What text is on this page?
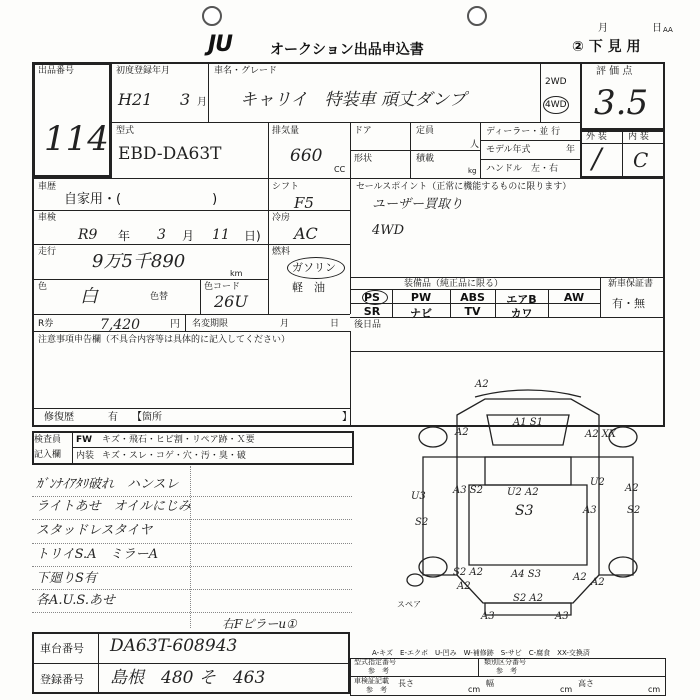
JU	オークション出品申込書
月	日 AA
② 下 見 用
出品番号
114
初度登録年月
H21 3 月
車名・グレード
キャリイ　特装車 頑丈ダンプ
2WD
4WD
評 価 点
3.5
型式
EBD-DA63T
排気量
660
CC
ドア	定員
人
形状	積載
kg
ディーラー・並 行
モデル年式	年
ハンドル　左・右
外 装 内 装
/ C
車歴
自家用・(　　　　　　　)
シフト
F5
車検
R9 年 3 月 11 日)
冷房
AC
走行 9万5千890
km
燃料
ガソリン
軽　油
色 白	色替
色コード
26U
セールスポイント（正常に機能するものに限ります）
ユーザー買取り
4WD
装備品（純正品に限る）	新車保証書
有・無
PS	PW	ABS	エアB	AW
SR	ナビ	TV	カワ
後日品
R券	7,420	円 名変期限	月	日
注意事項申告欄（不具合内容等は具体的に記入してください）
修復歴	有 【箇所	】
検査員
記入欄
FW キズ・飛石・ヒビ割・リペア跡・Ｘ要
内装 キズ・スレ・コゲ・穴・汚・臭・破
ｶﾞﾝﾅｲｱﾀﾘ破れ　ハンスレ
ライトあせ　オイルにじみ
スタッドレスタイヤ
トリイS.A　ミラーA
下廻りS有
各A.U.S.あせ
右Fピラーu①
A2
A1 S1
A2	A2 XX
A3 S2 U2 A2
U2
A2
U3
S3	A3
S2
S2
A4 S3
S2 A2
A2
A2 A2
S2 A2
A3	A3
スペア
A-キズ　E-エクボ　U-凹み　W-補修跡　S-サビ　C-腐食　XX-交換済
車台番号 DA63T-608943
登録番号 島根　480 そ　463
型式指定番号
参　考
類別区分番号
参　考
車検証記載
参　考
長さ
cm
幅
cm
高さ
cm
